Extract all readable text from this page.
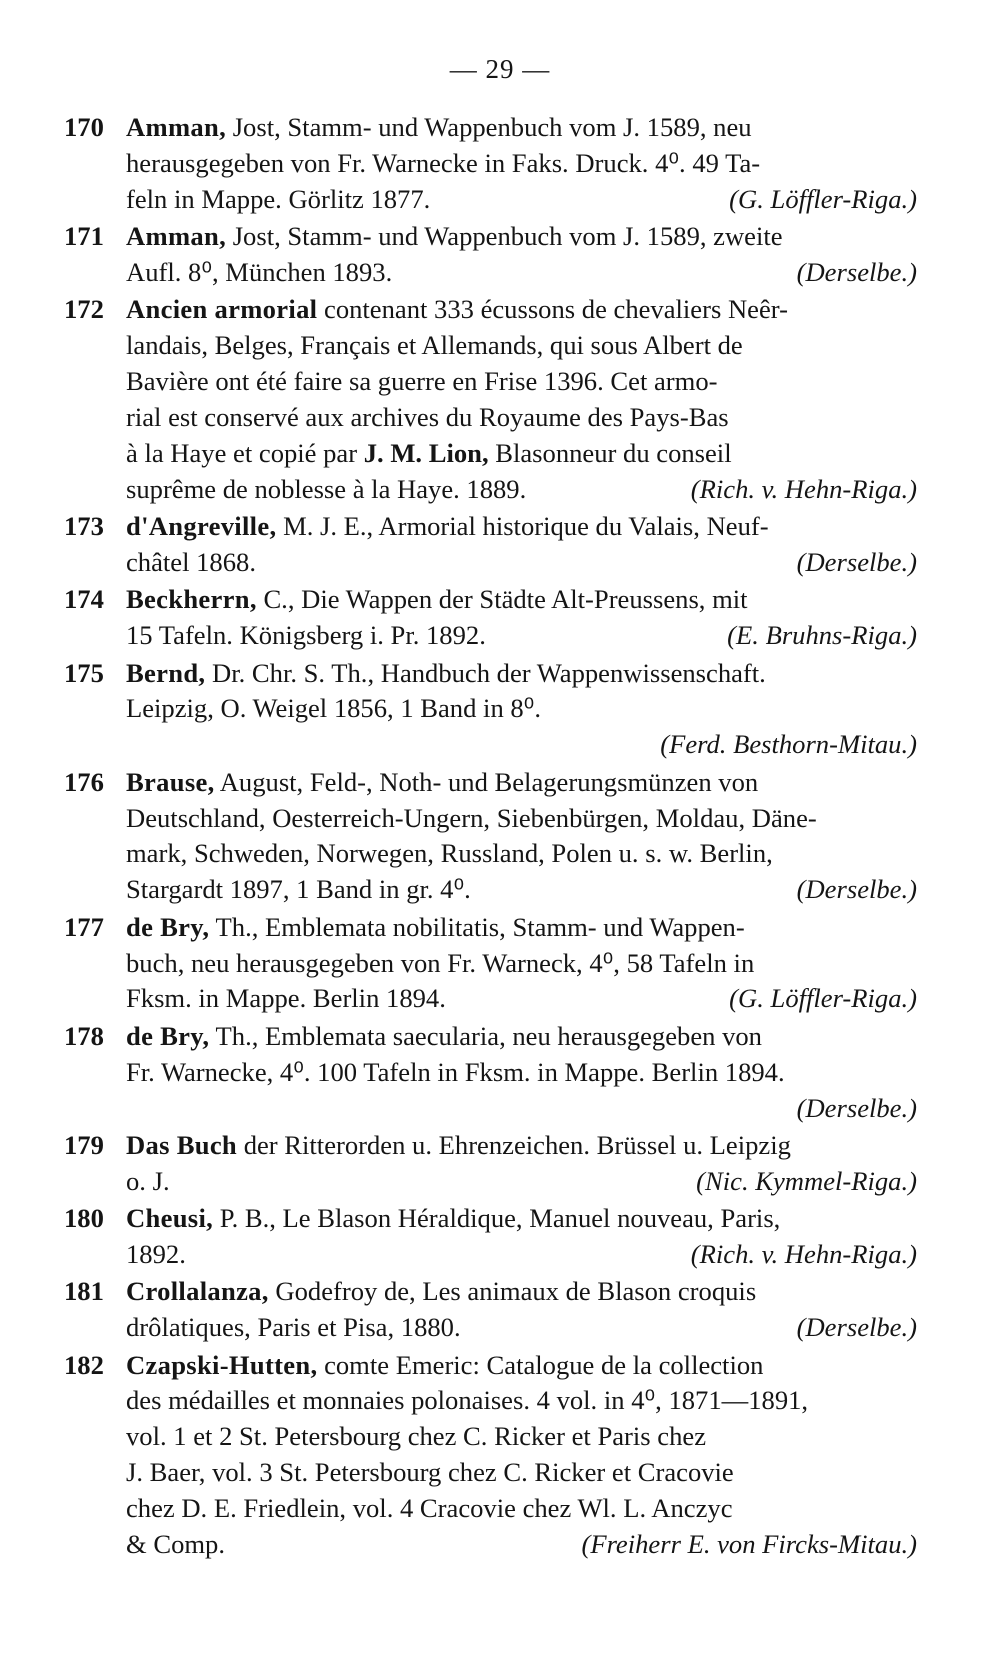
— 29 —
170 Amman, Jost, Stamm- und Wappenbuch vom J. 1589, neu
herausgegeben von Fr. Warnecke in Faks. Druck. 4⁰. 49 Ta-
feln in Mappe. Görlitz 1877.	(G. Löffler-Riga.)
171 Amman, Jost, Stamm- und Wappenbuch vom J. 1589, zweite
Aufl. 8⁰, München 1893.	(Derselbe.)
172 Ancien armorial contenant 333 écussons de chevaliers Neêr-
landais, Belges, Français et Allemands, qui sous Albert de
Bavière ont été faire sa guerre en Frise 1396. Cet armo-
rial est conservé aux archives du Royaume des Pays-Bas
à la Haye et copié par J. M. Lion, Blasonneur du conseil
suprême de noblesse à la Haye. 1889.	(Rich. v. Hehn-Riga.)
173 d'Angreville, M. J. E., Armorial historique du Valais, Neuf-
châtel 1868.	(Derselbe.)
174 Beckherrn, C., Die Wappen der Städte Alt-Preussens, mit
15 Tafeln. Königsberg i. Pr. 1892.	(E. Bruhns-Riga.)
175 Bernd, Dr. Chr. S. Th., Handbuch der Wappenwissenschaft.
Leipzig, O. Weigel 1856, 1 Band in 8⁰.
(Ferd. Besthorn-Mitau.)
176 Brause, August, Feld-, Noth- und Belagerungsmünzen von
Deutschland, Oesterreich-Ungern, Siebenbürgen, Moldau, Däne-
mark, Schweden, Norwegen, Russland, Polen u. s. w. Berlin,
Stargardt 1897, 1 Band in gr. 4⁰.	(Derselbe.)
177 de Bry, Th., Emblemata nobilitatis, Stamm- und Wappen-
buch, neu herausgegeben von Fr. Warneck, 4⁰, 58 Tafeln in
Fksm. in Mappe. Berlin 1894.	(G. Löffler-Riga.)
178 de Bry, Th., Emblemata saecularia, neu herausgegeben von
Fr. Warnecke, 4⁰. 100 Tafeln in Fksm. in Mappe. Berlin 1894.
(Derselbe.)
179 Das Buch der Ritterorden u. Ehrenzeichen. Brüssel u. Leipzig
o. J.	(Nic. Kymmel-Riga.)
180 Cheusi, P. B., Le Blason Héraldique, Manuel nouveau, Paris,
1892.	(Rich. v. Hehn-Riga.)
181 Crollalanza, Godefroy de, Les animaux de Blason croquis
drôlatiques, Paris et Pisa, 1880.	(Derselbe.)
182 Czapski-Hutten, comte Emeric: Catalogue de la collection
des médailles et monnaies polonaises. 4 vol. in 4⁰, 1871—1891,
vol. 1 et 2 St. Petersbourg chez C. Ricker et Paris chez
J. Baer, vol. 3 St. Petersbourg chez C. Ricker et Cracovie
chez D. E. Friedlein, vol. 4 Cracovie chez Wl. L. Anczyc
& Comp.	(Freiherr E. von Fircks-Mitau.)
